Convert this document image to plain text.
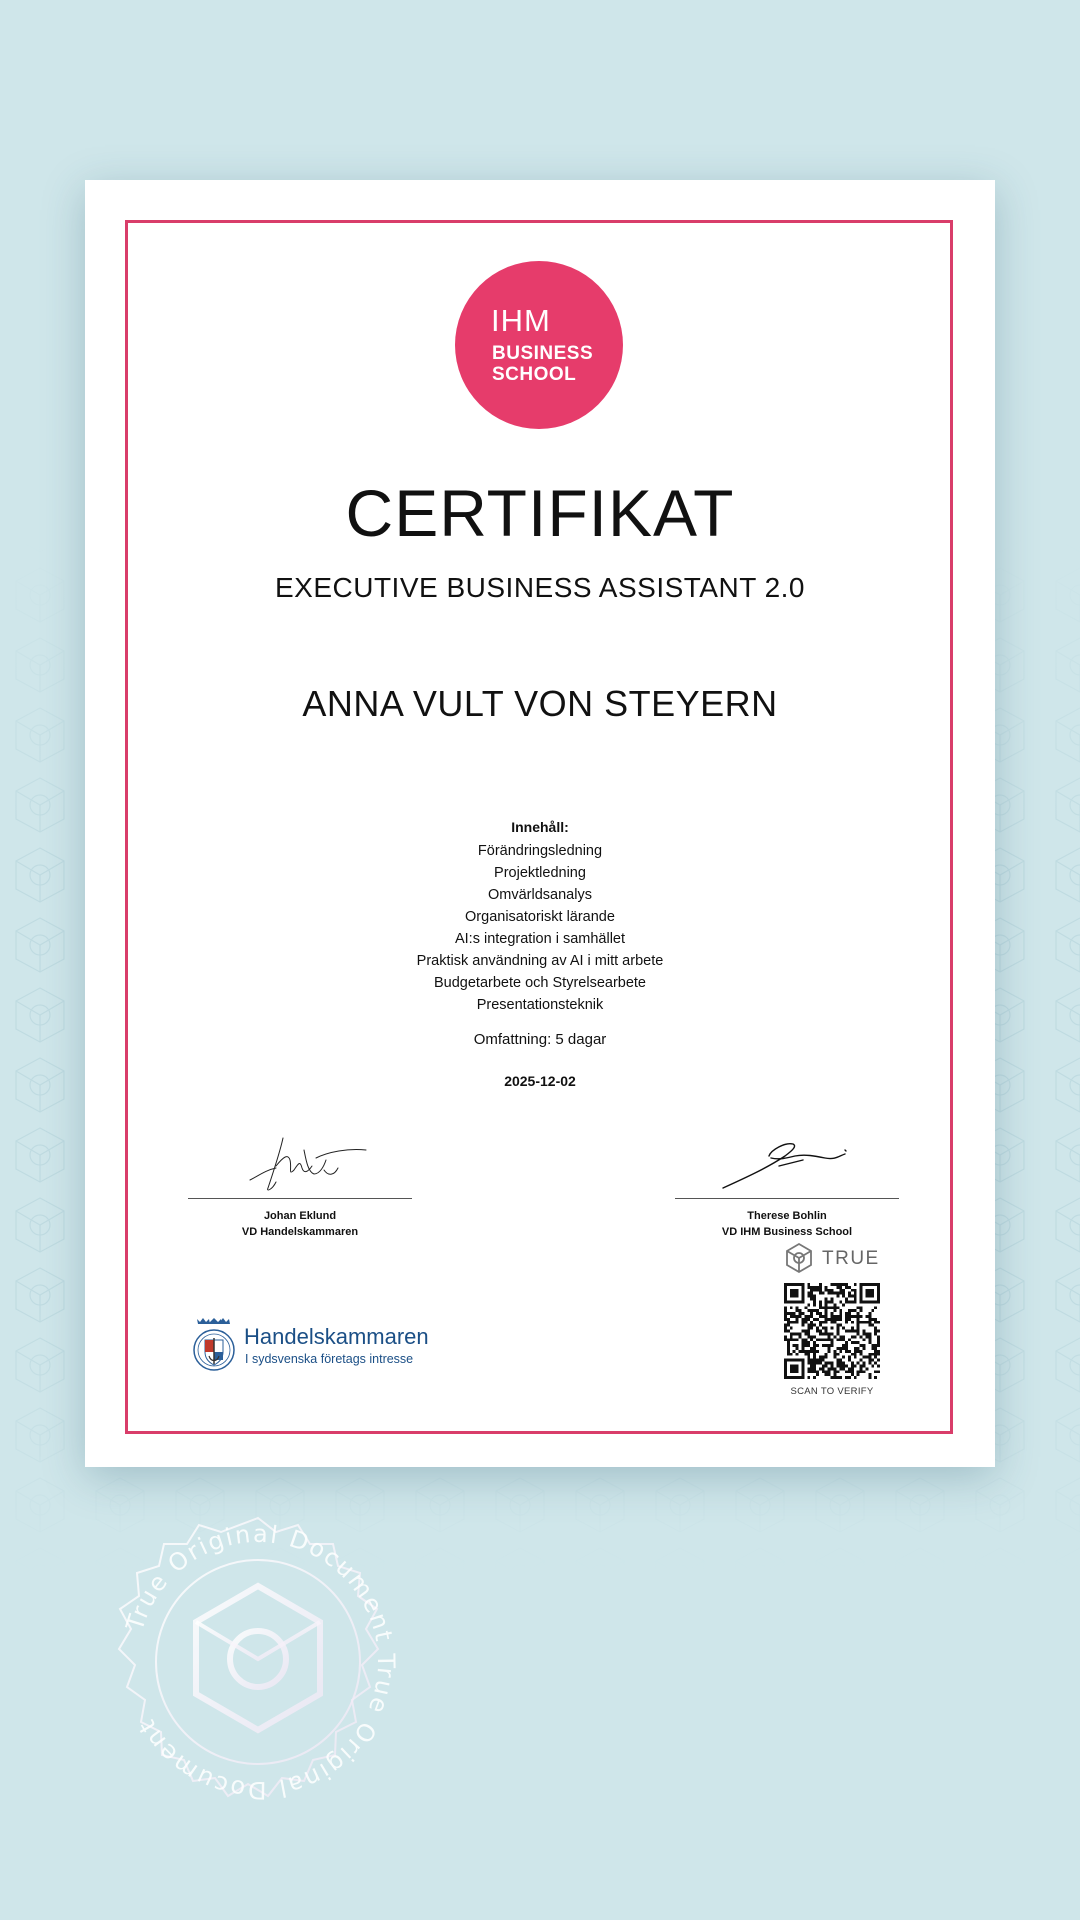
True Original Document True Original Document
IHM
BUSINESS
SCHOOL
CERTIFIKAT
EXECUTIVE BUSINESS ASSISTANT 2.0
ANNA VULT VON STEYERN
Innehåll:
Förändringsledning
Projektledning
Omvärldsanalys
Organisatoriskt lärande
AI:s integration i samhället
Praktisk användning av AI i mitt arbete
Budgetarbete och Styrelsearbete
Presentationsteknik
Omfattning: 5 dagar
2025-12-02
Johan Eklund
VD Handelskammaren
Therese Bohlin
VD IHM Business School
Handelskammaren
I sydsvenska företags intresse
TRUE
SCAN TO VERIFY
